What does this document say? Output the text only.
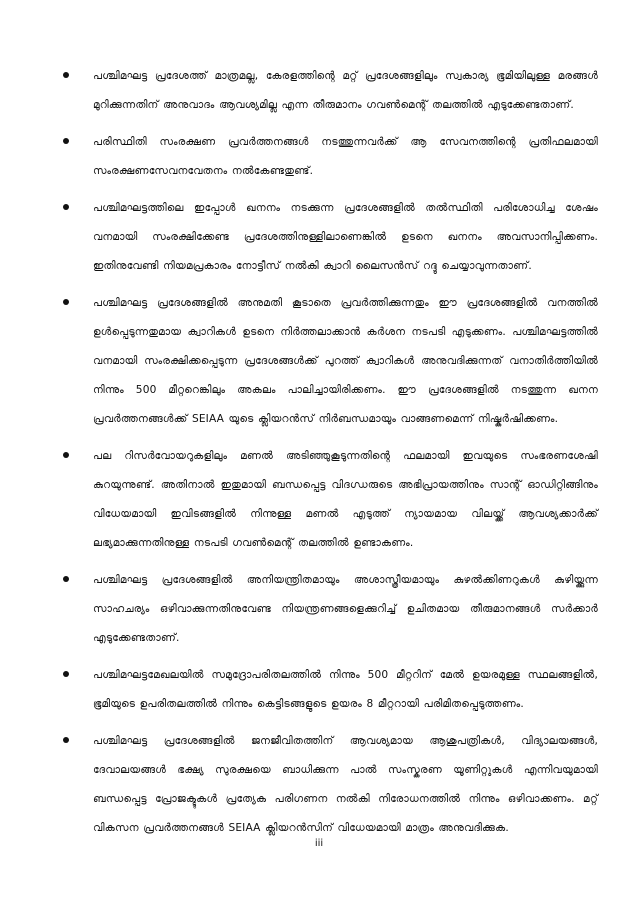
പശ്ചിമഘട്ട പ്രദേശത്ത് മാത്രമല്ല, കേരളത്തിന്റെ മറ്റ് പ്രദേശങ്ങളിലും സ്വകാര്യ ഭൂമിയിലുള്ള മരങ്ങൾ മുറിക്കുന്നതിന് അനുവാദം ആവശ്യമില്ല എന്ന തീരുമാനം ഗവൺമെന്റ് തലത്തിൽ എടുക്കേണ്ടതാണ്.
പരിസ്ഥിതി സംരക്ഷണ പ്രവർത്തനങ്ങൾ നടത്തുന്നവർക്ക് ആ സേവനത്തിന്റെ പ്രതിഫലമായി സംരക്ഷണസേവനവേതനം നൽകേണ്ടതുണ്ട്.
പശ്ചിമഘട്ടത്തിലെ ഇപ്പോൾ ഖനനം നടക്കുന്ന പ്രദേശങ്ങളിൽ തൽസ്ഥിതി പരിശോധിച്ച ശേഷം വനമായി സംരക്ഷിക്കേണ്ട പ്രദേശത്തിനുള്ളിലാണെങ്കിൽ ഉടനെ ഖനനം അവസാനിപ്പിക്കണം. ഇതിനുവേണ്ടി നിയമപ്രകാരം നോട്ടീസ് നൽകി ക്വാറി ലൈസൻസ് റദ്ദു ചെയ്യാവുന്നതാണ്.
പശ്ചിമഘട്ട പ്രദേശങ്ങളിൽ അനുമതി കൂടാതെ പ്രവർത്തിക്കുന്നതും ഈ പ്രദേശങ്ങളിൽ വനത്തിൽ ഉൾപ്പെടുന്നതുമായ ക്വാറികൾ ഉടനെ നിർത്തലാക്കാൻ കർശന നടപടി എടുക്കണം. പശ്ചിമഘട്ടത്തിൽ വനമായി സംരക്ഷിക്കപ്പെടുന്ന പ്രദേശങ്ങൾക്ക് പുറത്ത് ക്വാറികൾ അനുവദിക്കുന്നത് വനാതിർത്തിയിൽ നിന്നും 500 മീറ്ററെങ്കിലും അകലം പാലിച്ചായിരിക്കണം. ഈ പ്രദേശങ്ങളിൽ നടത്തുന്ന ഖനന പ്രവർത്തനങ്ങൾക്ക് SEIAA യുടെ ക്ലിയറൻസ് നിർബന്ധമായും വാങ്ങണമെന്ന് നിഷ്കർഷിക്കണം.
പല റിസർവോയറുകളിലും മണൽ അടിഞ്ഞുകൂടുന്നതിന്റെ ഫലമായി ഇവയുടെ സംഭരണശേഷി കുറയുന്നുണ്ട്. അതിനാൽ ഇതുമായി ബന്ധപ്പെട്ട വിദഗ്ധരുടെ അഭിപ്രായത്തിനും സാന്റ് ഓഡിറ്റിങ്ങിനും വിധേയമായി ഇവിടങ്ങളിൽ നിന്നുള്ള മണൽ എടുത്ത് ന്യായമായ വിലയ്ക്ക് ആവശ്യക്കാർക്ക് ലഭ്യമാക്കുന്നതിനുള്ള നടപടി ഗവൺമെന്റ് തലത്തിൽ ഉണ്ടാകണം.
പശ്ചിമഘട്ട പ്രദേശങ്ങളിൽ അനിയന്ത്രിതമായും അശാസ്ത്രീയമായും കുഴൽക്കിണറുകൾ കുഴിയ്ക്കുന്ന സാഹചര്യം ഒഴിവാക്കുന്നതിനുവേണ്ട നിയന്ത്രണങ്ങളെക്കുറിച്ച് ഉചിതമായ തീരുമാനങ്ങൾ സർക്കാർ എടുക്കേണ്ടതാണ്.
പശ്ചിമഘട്ടമേഖലയിൽ സമുദ്രോപരിതലത്തിൽ നിന്നും 500 മീറ്ററിന് മേൽ ഉയരമുള്ള സ്ഥലങ്ങളിൽ, ഭൂമിയുടെ ഉപരിതലത്തിൽ നിന്നും കെട്ടിടങ്ങളുടെ ഉയരം 8 മീറ്ററായി പരിമിതപ്പെടുത്തണം.
പശ്ചിമഘട്ട പ്രദേശങ്ങളിൽ ജനജീവിതത്തിന് ആവശ്യമായ ആശുപത്രികൾ, വിദ്യാലയങ്ങൾ, ദേവാലയങ്ങൾ ഭക്ഷ്യ സുരക്ഷയെ ബാധിക്കുന്ന പാൽ സംസ്കരണ യൂണിറ്റുകൾ എന്നിവയുമായി ബന്ധപ്പെട്ട പ്രോജക്ടുകൾ പ്രത്യേക പരിഗണന നൽകി നിരോധനത്തിൽ നിന്നും ഒഴിവാക്കണം. മറ്റ് വികസന പ്രവർത്തനങ്ങൾ SEIAA ക്ലിയറൻസിന് വിധേയമായി മാത്രം അനുവദിക്കുക.
iii
